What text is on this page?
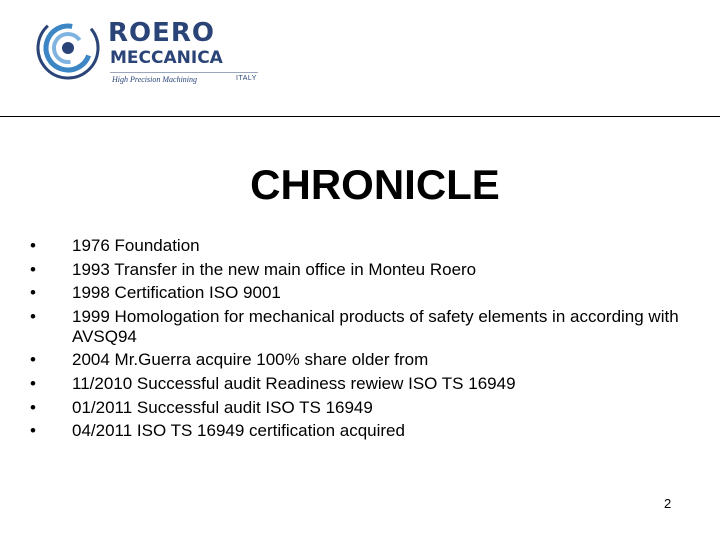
ROERO
MECCANICA
High Precision Machining	ITALY
CHRONICLE
•	1976 Foundation
•	1993 Transfer in the new main office in Monteu Roero
•	1998 Certification ISO 9001
•	1999 Homologation for mechanical products of safety elements in according with AVSQ94
•	2004 Mr.Guerra acquire 100% share older from
•	11/2010 Successful audit Readiness rewiew ISO TS 16949
•	01/2011 Successful audit ISO TS 16949
•	04/2011 ISO TS 16949 certification acquired
2
